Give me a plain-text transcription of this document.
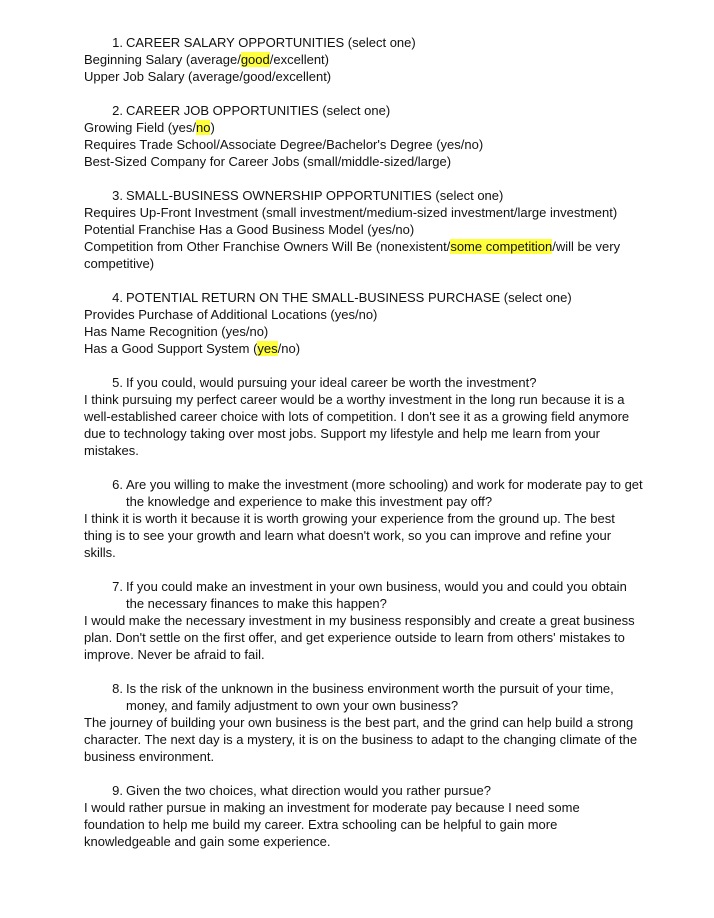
1. CAREER SALARY OPPORTUNITIES (select one)
Beginning Salary (average/good/excellent)
Upper Job Salary (average/good/excellent)
2. CAREER JOB OPPORTUNITIES (select one)
Growing Field (yes/no)
Requires Trade School/Associate Degree/Bachelor's Degree (yes/no)
Best-Sized Company for Career Jobs (small/middle-sized/large)
3. SMALL-BUSINESS OWNERSHIP OPPORTUNITIES (select one)
Requires Up-Front Investment (small investment/medium-sized investment/large investment)
Potential Franchise Has a Good Business Model (yes/no)
Competition from Other Franchise Owners Will Be (nonexistent/some competition/will be very competitive)
4. POTENTIAL RETURN ON THE SMALL-BUSINESS PURCHASE (select one)
Provides Purchase of Additional Locations (yes/no)
Has Name Recognition (yes/no)
Has a Good Support System (yes/no)
5. If you could, would pursuing your ideal career be worth the investment?

I think pursuing my perfect career would be a worthy investment in the long run because it is a well-established career choice with lots of competition. I don't see it as a growing field anymore due to technology taking over most jobs. Support my lifestyle and help me learn from your mistakes.

6. Are you willing to make the investment (more schooling) and work for moderate pay to get the knowledge and experience to make this investment pay off?

I think it is worth it because it is worth growing your experience from the ground up. The best thing is to see your growth and learn what doesn't work, so you can improve and refine your skills.

7. If you could make an investment in your own business, would you and could you obtain the necessary finances to make this happen?

I would make the necessary investment in my business responsibly and create a great business plan. Don't settle on the first offer, and get experience outside to learn from others' mistakes to improve. Never be afraid to fail.

8. Is the risk of the unknown in the business environment worth the pursuit of your time, money, and family adjustment to own your own business?

The journey of building your own business is the best part, and the grind can help build a strong character. The next day is a mystery, it is on the business to adapt to the changing climate of the business environment.

9. Given the two choices, what direction would you rather pursue?

I would rather pursue in making an investment for moderate pay because I need some foundation to help me build my career. Extra schooling can be helpful to gain more knowledgeable and gain some experience.
